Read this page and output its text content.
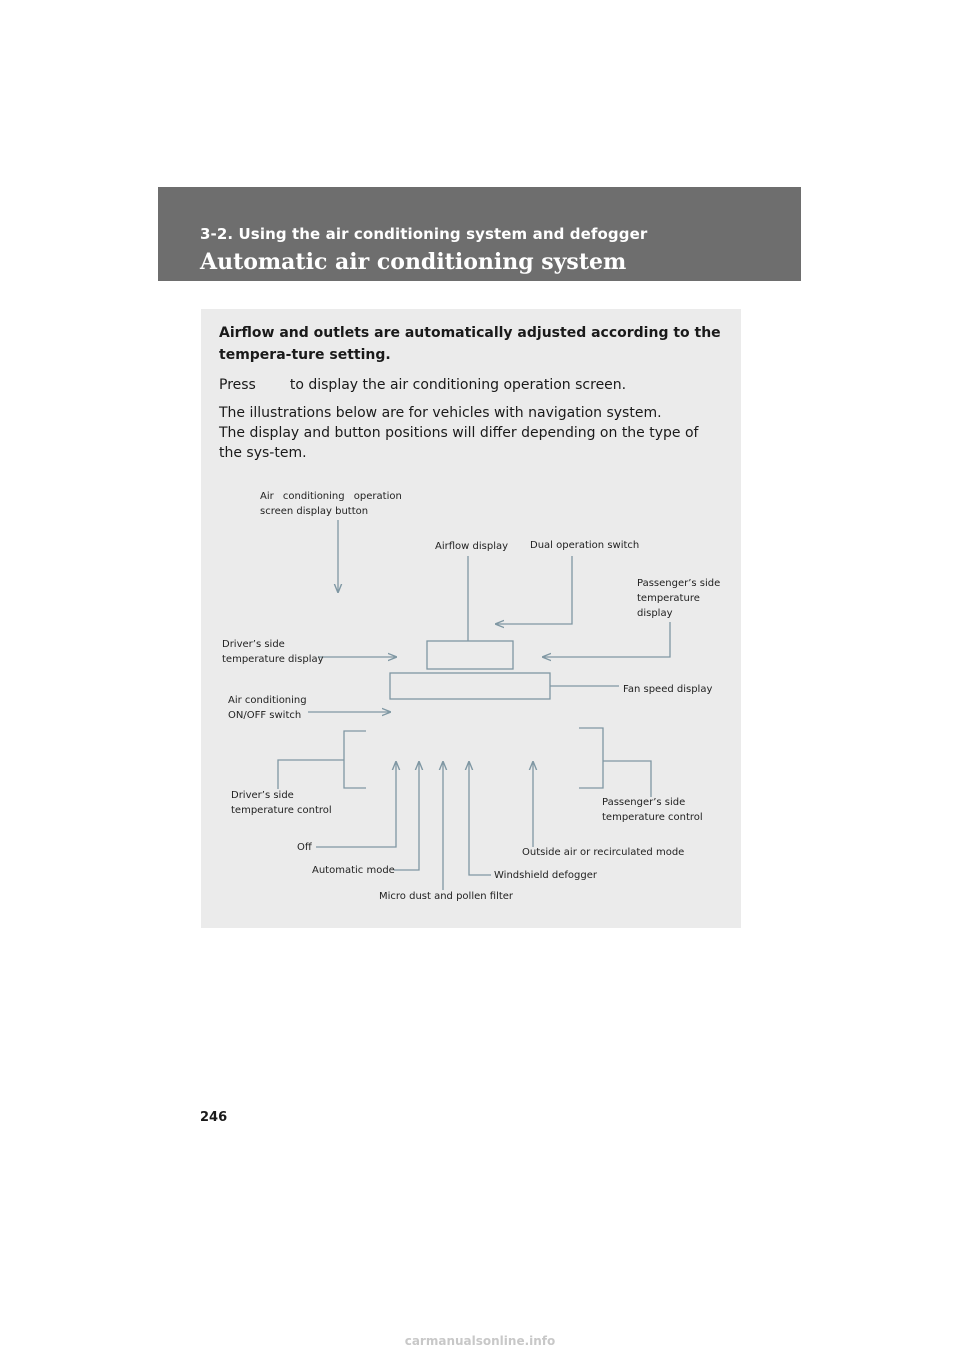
3-2. Using the air conditioning system and defogger
Automatic air conditioning system
Airflow and outlets are automatically adjusted according to the tempera-ture setting.
Press to display the air conditioning operation screen.
The illustrations below are for vehicles with navigation system.
The display and button positions will differ depending on the type of the sys-tem.
Air conditioning operation
screen display button
Airflow display Dual operation switch
Passenger’s side
temperature
display
Driver’s side
temperature display
Fan speed display
Air conditioning
ON/OFF switch
Driver’s side
temperature control
Passenger’s side
temperature control
Off
Automatic mode
Outside air or recirculated mode
Windshield defogger
Micro dust and pollen filter
246
carmanualsonline.info
